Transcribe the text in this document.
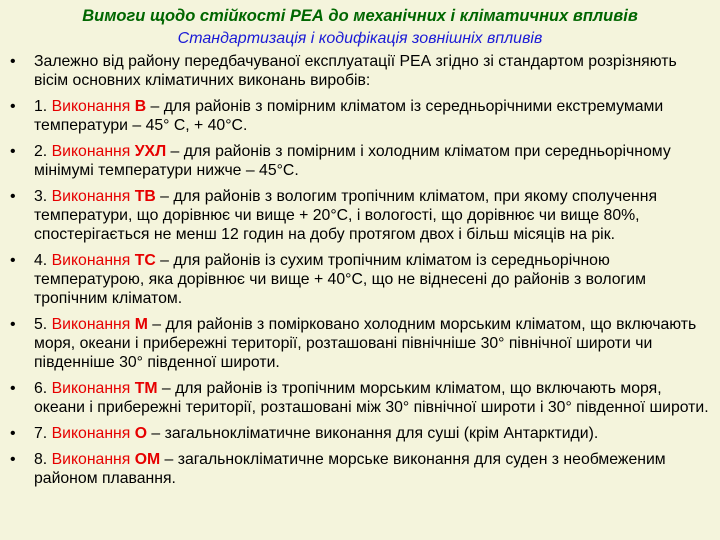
Вимоги щодо стійкості РЕА до механічних і кліматичних впливів
Стандартизація і кодифікація зовнішніх впливів
• Залежно від району передбачуваної експлуатації РЕА згідно зі стандартом розрізняють вісім основних кліматичних виконань виробів:
• 1. Виконання В – для районів з помірним кліматом із середньорічними екстремумами температури – 45° С, + 40°С.
• 2. Виконання УХЛ – для районів з помірним і холодним кліматом при середньорічному мінімумі температури нижче – 45°С.
• 3. Виконання ТВ – для районів з вологим тропічним кліматом, при якому сполучення температури, що дорівнює чи вище + 20°С, і вологості, що дорівнює чи вище 80%, спостерігається не менш 12 годин на добу протягом двох і більш місяців на рік.
• 4. Виконання ТС – для районів із сухим тропічним кліматом із середньорічною температурою, яка дорівнює чи вище + 40°С, що не віднесені до районів з вологим тропічним кліматом.
• 5. Виконання М – для районів з помірковано холодним морським кліматом, що включають моря, океани і прибережні території, розташовані північніше 30° північної широти чи південніше 30° південної широти.
• 6. Виконання ТМ – для районів із тропічним морським кліматом, що включають моря, океани і прибережні території, розташовані між 30° північної широти і 30° південної широти.
• 7. Виконання О – загальнокліматичне виконання для суші (крім Антарктиди).
• 8. Виконання ОМ – загальнокліматичне морське виконання для суден з необмеженим районом плавання.
